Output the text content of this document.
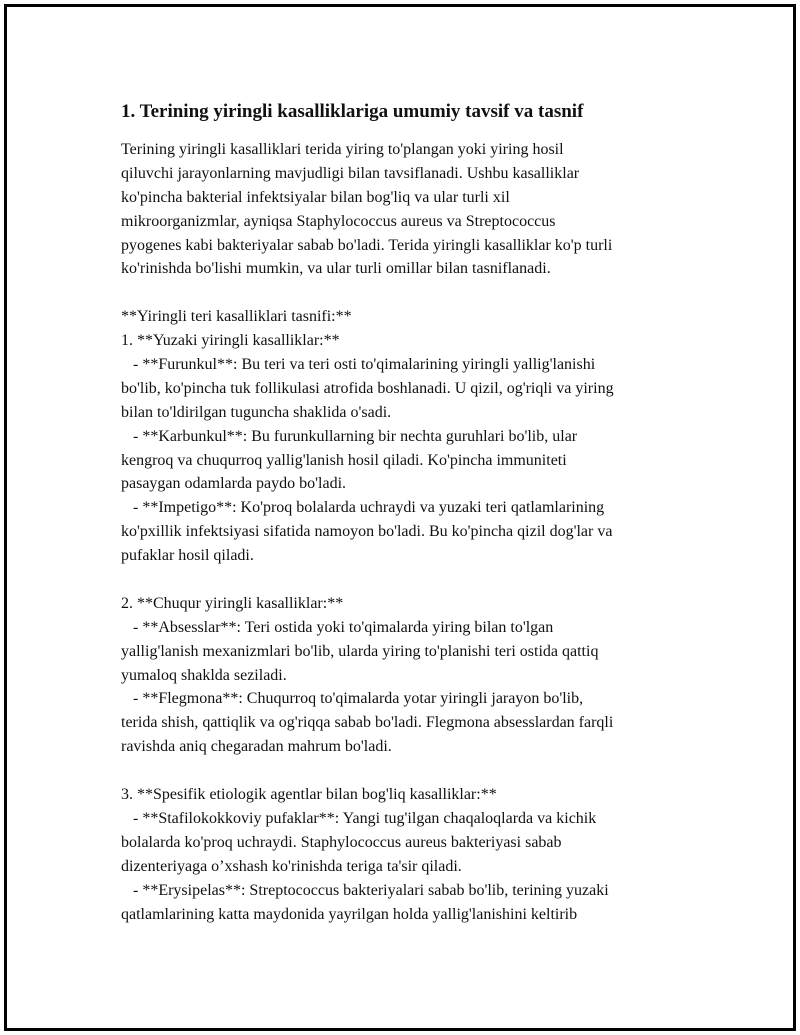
1. Terining yiringli kasalliklariga umumiy tavsif va tasnif
Terining yiringli kasalliklari terida yiring to'plangan yoki yiring hosil
qiluvchi jarayonlarning mavjudligi bilan tavsiflanadi. Ushbu kasalliklar
ko'pincha bakterial infektsiyalar bilan bog'liq va ular turli xil
mikroorganizmlar, ayniqsa Staphylococcus aureus va Streptococcus
pyogenes kabi bakteriyalar sabab bo'ladi. Terida yiringli kasalliklar ko'p turli
ko'rinishda bo'lishi mumkin, va ular turli omillar bilan tasniflanadi.
**Yiringli teri kasalliklari tasnifi:**
1. **Yuzaki yiringli kasalliklar:**
- **Furunkul**: Bu teri va teri osti to'qimalarining yiringli yallig'lanishi
bo'lib, ko'pincha tuk follikulasi atrofida boshlanadi. U qizil, og'riqli va yiring
bilan to'ldirilgan tuguncha shaklida o'sadi.
- **Karbunkul**: Bu furunkullarning bir nechta guruhlari bo'lib, ular
kengroq va chuqurroq yallig'lanish hosil qiladi. Ko'pincha immuniteti
pasaygan odamlarda paydo bo'ladi.
- **Impetigo**: Ko'proq bolalarda uchraydi va yuzaki teri qatlamlarining
ko'pxillik infektsiyasi sifatida namoyon bo'ladi. Bu ko'pincha qizil dog'lar va
pufaklar hosil qiladi.
2. **Chuqur yiringli kasalliklar:**
- **Absesslar**: Teri ostida yoki to'qimalarda yiring bilan to'lgan
yallig'lanish mexanizmlari bo'lib, ularda yiring to'planishi teri ostida qattiq
yumaloq shaklda seziladi.
- **Flegmona**: Chuqurroq to'qimalarda yotar yiringli jarayon bo'lib,
terida shish, qattiqlik va og'riqqa sabab bo'ladi. Flegmona absesslardan farqli
ravishda aniq chegaradan mahrum bo'ladi.
3. **Spesifik etiologik agentlar bilan bog'liq kasalliklar:**
- **Stafilokokkoviy pufaklar**: Yangi tug'ilgan chaqaloqlarda va kichik
bolalarda ko'proq uchraydi. Staphylococcus aureus bakteriyasi sabab
dizenteriyaga o’xshash ko'rinishda teriga ta'sir qiladi.
- **Erysipelas**: Streptococcus bakteriyalari sabab bo'lib, terining yuzaki
qatlamlarining katta maydonida yayrilgan holda yallig'lanishini keltirib
